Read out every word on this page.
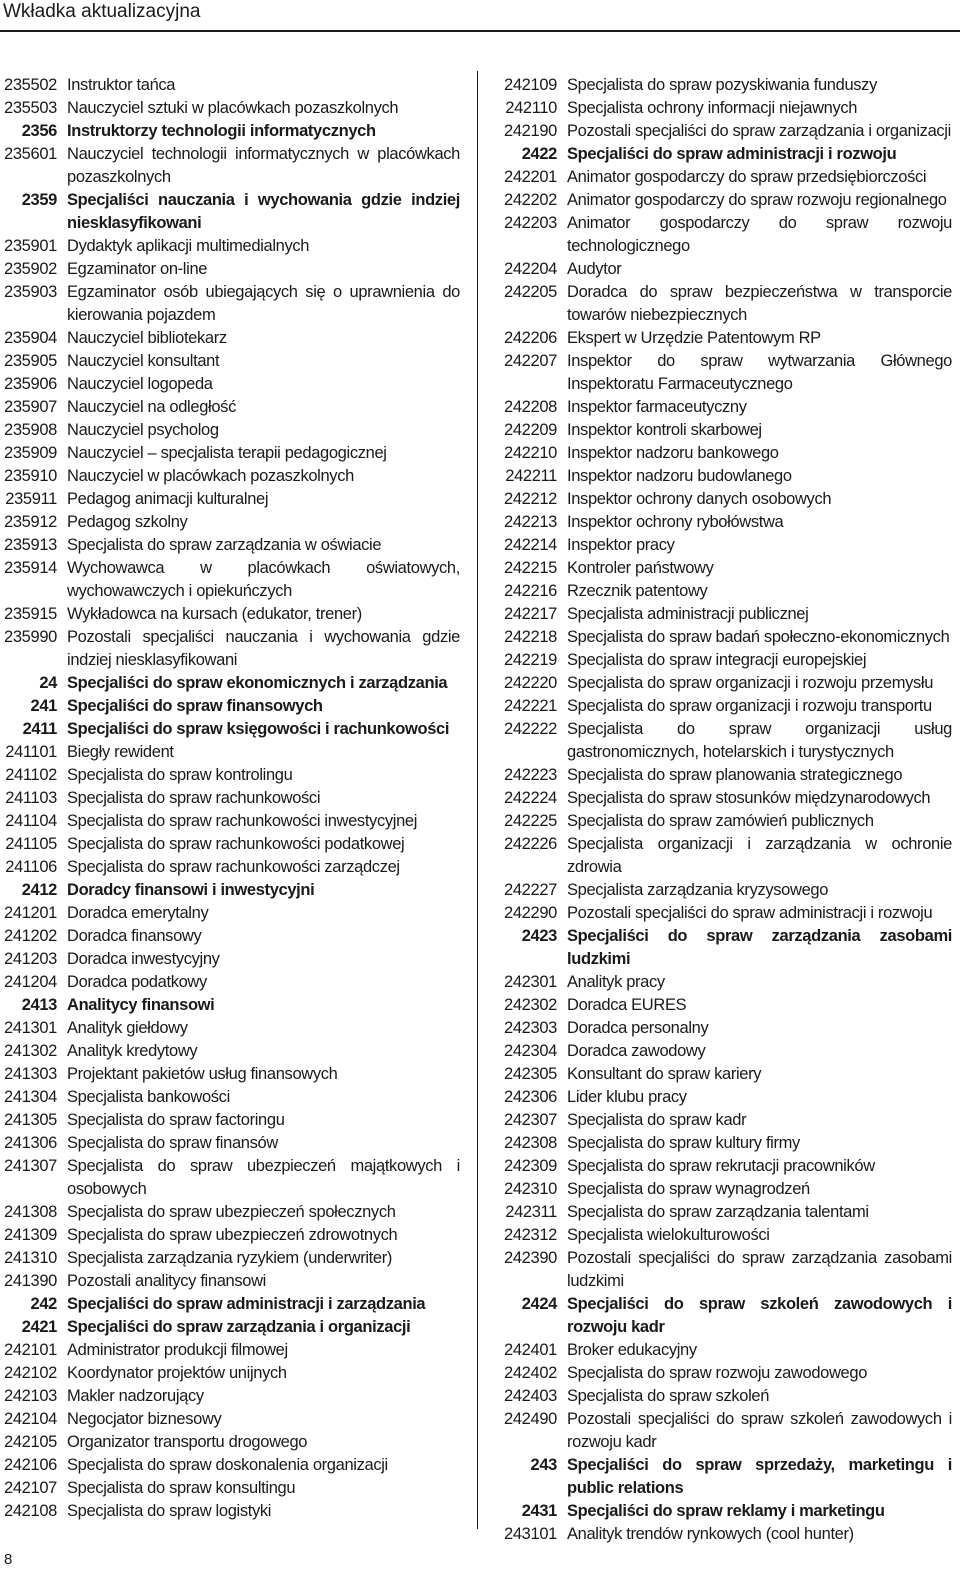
Wkładka aktualizacyjna
235502 Instruktor tańca
235503 Nauczyciel sztuki w placówkach pozaszkolnych
2356 Instruktorzy technologii informatycznych
235601 Nauczyciel technologii informatycznych w placówkach pozaszkolnych
2359 Specjaliści nauczania i wychowania gdzie indziej niesklasyfikowani
235901 Dydaktyk aplikacji multimedialnych
235902 Egzaminator on-line
235903 Egzaminator osób ubiegających się o uprawnienia do kierowania pojazdem
235904 Nauczyciel bibliotekarz
235905 Nauczyciel konsultant
235906 Nauczyciel logopeda
235907 Nauczyciel na odległość
235908 Nauczyciel psycholog
235909 Nauczyciel – specjalista terapii pedagogicznej
235910 Nauczyciel w placówkach pozaszkolnych
235911 Pedagog animacji kulturalnej
235912 Pedagog szkolny
235913 Specjalista do spraw zarządzania w oświacie
235914 Wychowawca w placówkach oświatowych, wychowawczych i opiekuńczych
235915 Wykładowca na kursach (edukator, trener)
235990 Pozostali specjaliści nauczania i wychowania gdzie indziej niesklasyfikowani
24 Specjaliści do spraw ekonomicznych i zarządzania
241 Specjaliści do spraw finansowych
2411 Specjaliści do spraw księgowości i rachunkowości
241101 Biegły rewident
241102 Specjalista do spraw kontrolingu
241103 Specjalista do spraw rachunkowości
241104 Specjalista do spraw rachunkowości inwestycyjnej
241105 Specjalista do spraw rachunkowości podatkowej
241106 Specjalista do spraw rachunkowości zarządczej
2412 Doradcy finansowi i inwestycyjni
241201 Doradca emerytalny
241202 Doradca finansowy
241203 Doradca inwestycyjny
241204 Doradca podatkowy
2413 Analitycy finansowi
241301 Analityk giełdowy
241302 Analityk kredytowy
241303 Projektant pakietów usług finansowych
241304 Specjalista bankowości
241305 Specjalista do spraw factoringu
241306 Specjalista do spraw finansów
241307 Specjalista do spraw ubezpieczeń majątkowych i osobowych
241308 Specjalista do spraw ubezpieczeń społecznych
241309 Specjalista do spraw ubezpieczeń zdrowotnych
241310 Specjalista zarządzania ryzykiem (underwriter)
241390 Pozostali analitycy finansowi
242 Specjaliści do spraw administracji i zarządzania
2421 Specjaliści do spraw zarządzania i organizacji
242101 Administrator produkcji filmowej
242102 Koordynator projektów unijnych
242103 Makler nadzorujący
242104 Negocjator biznesowy
242105 Organizator transportu drogowego
242106 Specjalista do spraw doskonalenia organizacji
242107 Specjalista do spraw konsultingu
242108 Specjalista do spraw logistyki
242109 Specjalista do spraw pozyskiwania funduszy
242110 Specjalista ochrony informacji niejawnych
242190 Pozostali specjaliści do spraw zarządzania i organizacji
2422 Specjaliści do spraw administracji i rozwoju
242201 Animator gospodarczy do spraw przedsiębiorczości
242202 Animator gospodarczy do spraw rozwoju regionalnego
242203 Animator gospodarczy do spraw rozwoju technologicznego
242204 Audytor
242205 Doradca do spraw bezpieczeństwa w transporcie towarów niebezpiecznych
242206 Ekspert w Urzędzie Patentowym RP
242207 Inspektor do spraw wytwarzania Głównego Inspektoratu Farmaceutycznego
242208 Inspektor farmaceutyczny
242209 Inspektor kontroli skarbowej
242210 Inspektor nadzoru bankowego
242211 Inspektor nadzoru budowlanego
242212 Inspektor ochrony danych osobowych
242213 Inspektor ochrony rybołówstwa
242214 Inspektor pracy
242215 Kontroler państwowy
242216 Rzecznik patentowy
242217 Specjalista administracji publicznej
242218 Specjalista do spraw badań społeczno-ekonomicznych
242219 Specjalista do spraw integracji europejskiej
242220 Specjalista do spraw organizacji i rozwoju przemysłu
242221 Specjalista do spraw organizacji i rozwoju transportu
242222 Specjalista do spraw organizacji usług gastronomicznych, hotelarskich i turystycznych
242223 Specjalista do spraw planowania strategicznego
242224 Specjalista do spraw stosunków międzynarodowych
242225 Specjalista do spraw zamówień publicznych
242226 Specjalista organizacji i zarządzania w ochronie zdrowia
242227 Specjalista zarządzania kryzysowego
242290 Pozostali specjaliści do spraw administracji i rozwoju
2423 Specjaliści do spraw zarządzania zasobami ludzkimi
242301 Analityk pracy
242302 Doradca EURES
242303 Doradca personalny
242304 Doradca zawodowy
242305 Konsultant do spraw kariery
242306 Lider klubu pracy
242307 Specjalista do spraw kadr
242308 Specjalista do spraw kultury firmy
242309 Specjalista do spraw rekrutacji pracowników
242310 Specjalista do spraw wynagrodzeń
242311 Specjalista do spraw zarządzania talentami
242312 Specjalista wielokulturowości
242390 Pozostali specjaliści do spraw zarządzania zasobami ludzkimi
2424 Specjaliści do spraw szkoleń zawodowych i rozwoju kadr
242401 Broker edukacyjny
242402 Specjalista do spraw rozwoju zawodowego
242403 Specjalista do spraw szkoleń
242490 Pozostali specjaliści do spraw szkoleń zawodowych i rozwoju kadr
243 Specjaliści do spraw sprzedaży, marketingu i public relations
2431 Specjaliści do spraw reklamy i marketingu
243101 Analityk trendów rynkowych (cool hunter)
8
